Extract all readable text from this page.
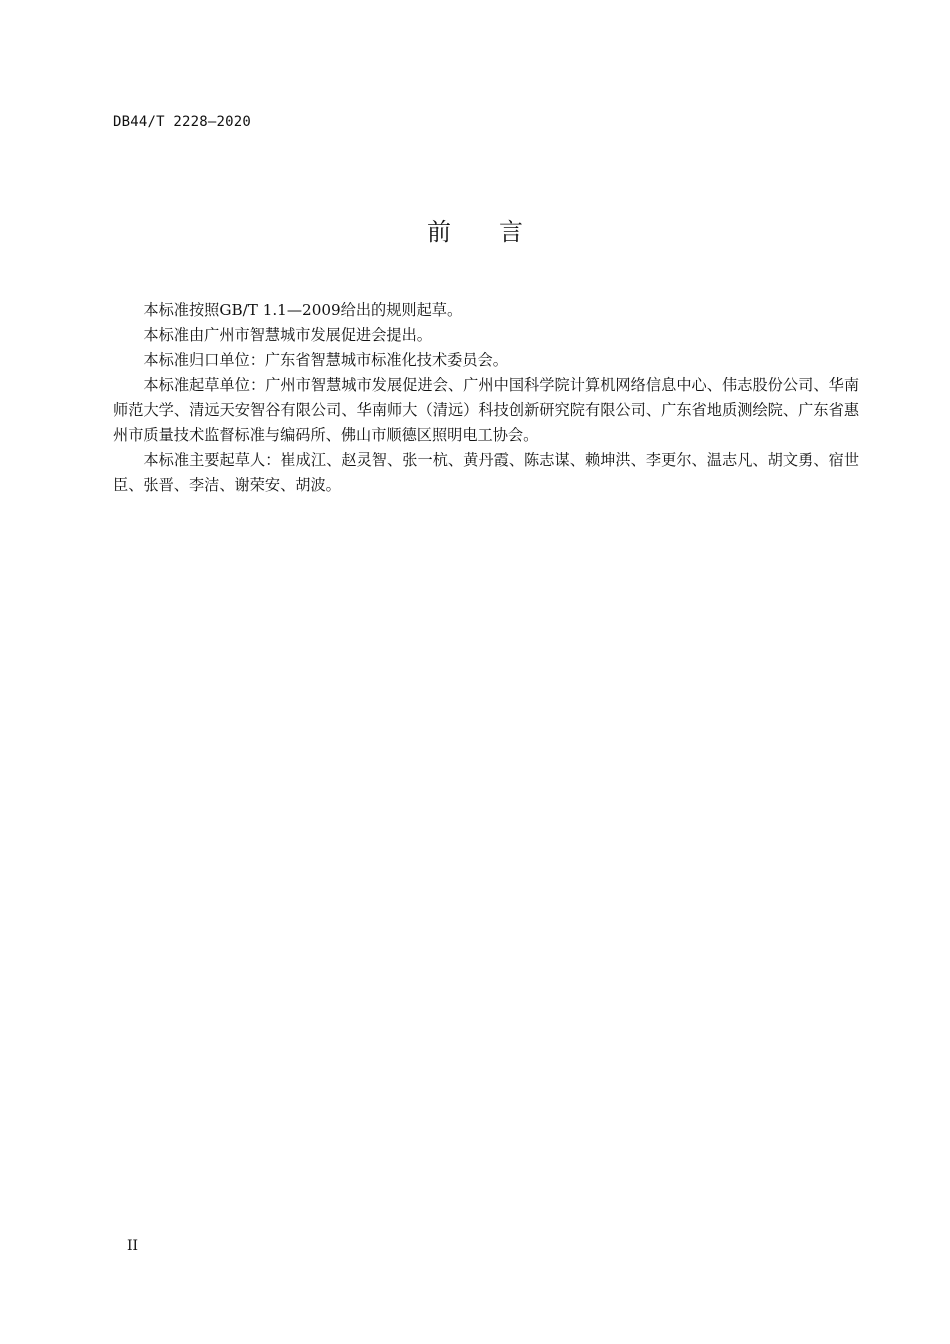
DB44/T 2228—2020
前 言

本标准按照GB/T 1.1—2009给出的规则起草。

本标准由广州市智慧城市发展促进会提出。

本标准归口单位：广东省智慧城市标准化技术委员会。

本标准起草单位：广州市智慧城市发展促进会、广州中国科学院计算机网络信息中心、伟志股份公司、华南师范大学、清远天安智谷有限公司、华南师大（清远）科技创新研究院有限公司、广东省地质测绘院、广东省惠州市质量技术监督标准与编码所、佛山市顺德区照明电工协会。

本标准主要起草人：崔成江、赵灵智、张一杭、黄丹霞、陈志谋、赖坤洪、李更尔、温志凡、胡文勇、宿世臣、张晋、李洁、谢荣安、胡波。

II
